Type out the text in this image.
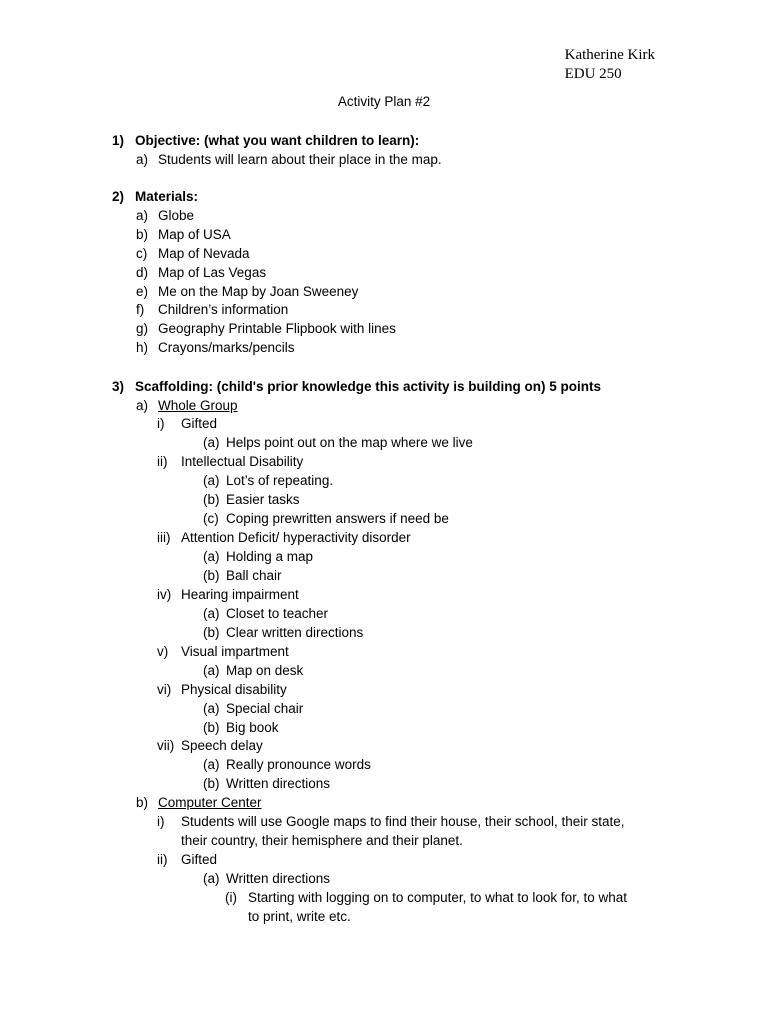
Katherine Kirk
EDU 250
Activity Plan #2
1) Objective: (what you want children to learn):
a) Students will learn about their place in the map.
2) Materials:
a) Globe
b) Map of USA
c) Map of Nevada
d) Map of Las Vegas
e) Me on the Map by Joan Sweeney
f) Children’s information
g) Geography Printable Flipbook with lines
h) Crayons/marks/pencils
3) Scaffolding: (child's prior knowledge this activity is building on) 5 points
a) Whole Group
i) Gifted
(a) Helps point out on the map where we live
ii) Intellectual Disability
(a) Lot’s of repeating.
(b) Easier tasks
(c) Coping prewritten answers if need be
iii) Attention Deficit/ hyperactivity disorder
(a) Holding a map
(b) Ball chair
iv) Hearing impairment
(a) Closet to teacher
(b) Clear written directions
v) Visual impartment
(a) Map on desk
vi) Physical disability
(a) Special chair
(b) Big book
vii) Speech delay
(a) Really pronounce words
(b) Written directions
b) Computer Center
i) Students will use Google maps to find their house, their school, their state,
their country, their hemisphere and their planet.
ii) Gifted
(a) Written directions
(i) Starting with logging on to computer, to what to look for, to what
to print, write etc.
